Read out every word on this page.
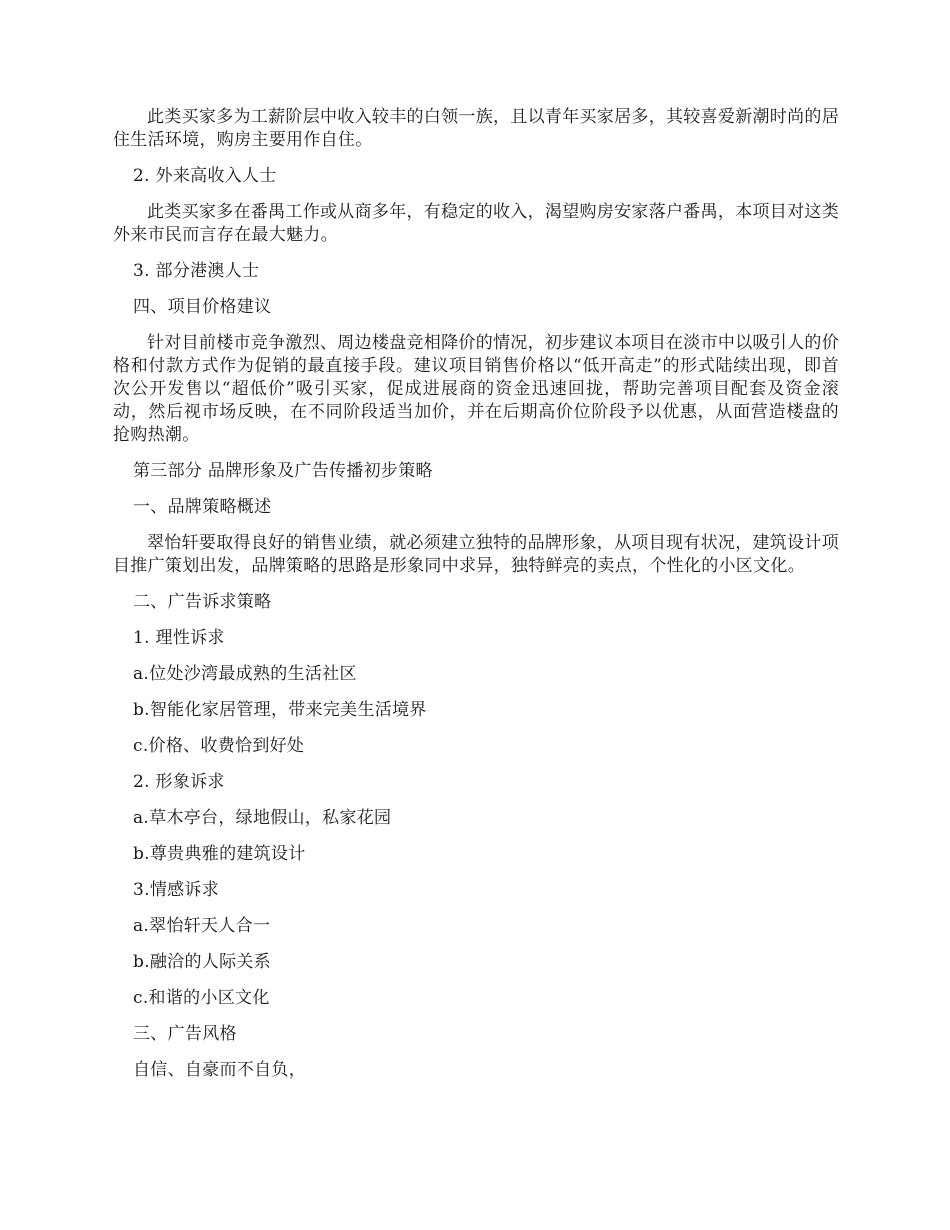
此类买家多为工薪阶层中收入较丰的白领一族，且以青年买家居多，其较喜爱新潮时尚的居住生活环境，购房主要用作自住。

2. 外来高收入人士

此类买家多在番禺工作或从商多年，有稳定的收入，渴望购房安家落户番禺，本项目对这类外来市民而言存在最大魅力。

3. 部分港澳人士

四、项目价格建议

针对目前楼市竞争激烈、周边楼盘竞相降价的情况，初步建议本项目在淡市中以吸引人的价格和付款方式作为促销的最直接手段。建议项目销售价格以“低开高走”的形式陆续出现，即首次公开发售以“超低价”吸引买家，促成进展商的资金迅速回拢，帮助完善项目配套及资金滚动，然后视市场反映，在不同阶段适当加价，并在后期高价位阶段予以优惠，从面营造楼盘的抢购热潮。

第三部分 品牌形象及广告传播初步策略

一、品牌策略概述

翠怡轩要取得良好的销售业绩，就必须建立独特的品牌形象，从项目现有状况，建筑设计项目推广策划出发，品牌策略的思路是形象同中求异，独特鲜亮的卖点，个性化的小区文化。

二、广告诉求策略

1. 理性诉求

a.位处沙湾最成熟的生活社区

b.智能化家居管理，带来完美生活境界

c.价格、收费恰到好处

2. 形象诉求

a.草木亭台，绿地假山，私家花园

b.尊贵典雅的建筑设计

3.情感诉求

a.翠怡轩天人合一

b.融洽的人际关系

c.和谐的小区文化

三、广告风格

自信、自豪而不自负，
